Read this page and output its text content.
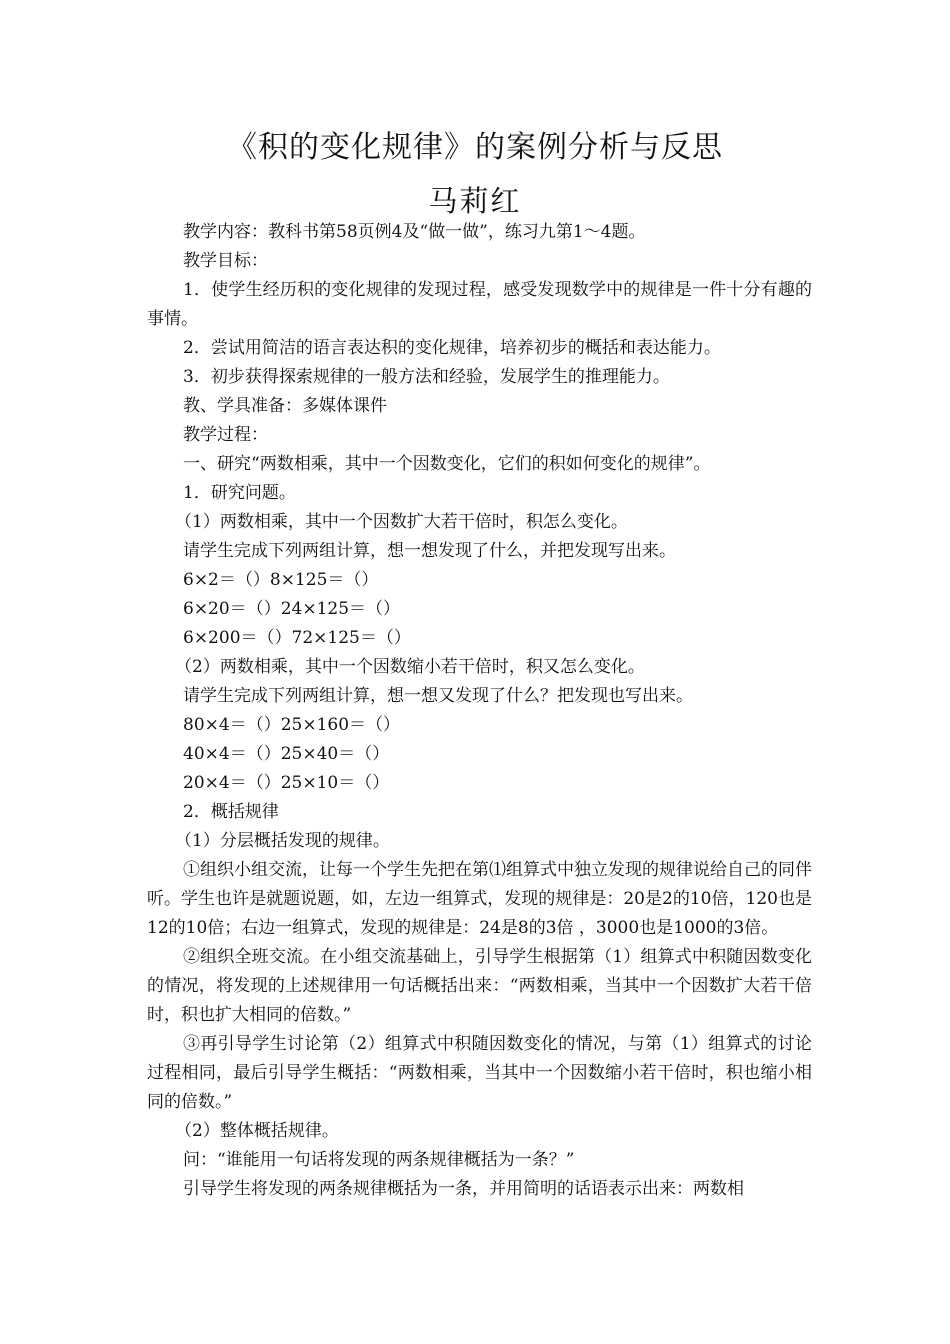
《积的变化规律》的案例分析与反思
马莉红

教学内容：教科书第58页例4及“做一做”，练习九第1～4题。

教学目标：

1．使学生经历积的变化规律的发现过程，感受发现数学中的规律是一件十分有趣的事情。

2．尝试用简洁的语言表达积的变化规律，培养初步的概括和表达能力。

3．初步获得探索规律的一般方法和经验，发展学生的推理能力。

教、学具准备：多媒体课件

教学过程：

一、研究“两数相乘，其中一个因数变化，它们的积如何变化的规律”。

1．研究问题。

（1）两数相乘，其中一个因数扩大若干倍时，积怎么变化。

请学生完成下列两组计算，想一想发现了什么，并把发现写出来。

6×2＝（）8×125＝（）

6×20＝（）24×125＝（）

6×200＝（）72×125＝（）

（2）两数相乘，其中一个因数缩小若干倍时，积又怎么变化。

请学生完成下列两组计算，想一想又发现了什么？把发现也写出来。

80×4＝（）25×160＝（）

40×4＝（）25×40＝（）

20×4＝（）25×10＝（）

2．概括规律

（1）分层概括发现的规律。

①组织小组交流，让每一个学生先把在第⑴组算式中独立发现的规律说给自己的同伴听。学生也许是就题说题，如，左边一组算式，发现的规律是：20是2的10倍，120也是12的10倍；右边一组算式，发现的规律是：24是8的3倍 ，3000也是1000的3倍。

②组织全班交流。在小组交流基础上，引导学生根据第（1）组算式中积随因数变化的情况，将发现的上述规律用一句话概括出来：“两数相乘，当其中一个因数扩大若干倍时，积也扩大相同的倍数。”

③再引导学生讨论第（2）组算式中积随因数变化的情况，与第（1）组算式的讨论过程相同，最后引导学生概括：“两数相乘，当其中一个因数缩小若干倍时，积也缩小相同的倍数。”

（2）整体概括规律。

问：“谁能用一句话将发现的两条规律概括为一条？”

引导学生将发现的两条规律概括为一条，并用简明的话语表示出来：两数相
